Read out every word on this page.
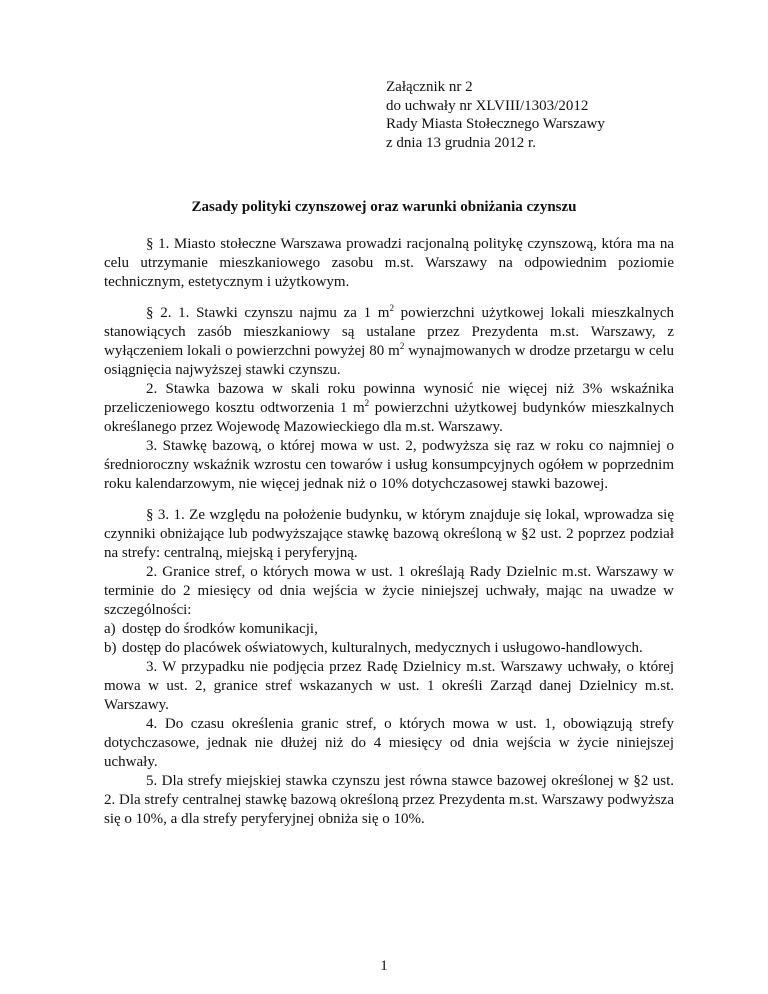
Załącznik nr 2
do uchwały nr XLVIII/1303/2012
Rady Miasta Stołecznego Warszawy
z dnia 13 grudnia 2012 r.
Zasady polityki czynszowej oraz warunki obniżania czynszu

§ 1. Miasto stołeczne Warszawa prowadzi racjonalną politykę czynszową, która ma na celu utrzymanie mieszkaniowego zasobu m.st. Warszawy na odpowiednim poziomie technicznym, estetycznym i użytkowym.

§ 2. 1. Stawki czynszu najmu za 1 $m^2$ powierzchni użytkowej lokali mieszkalnych stanowiących zasób mieszkaniowy są ustalane przez Prezydenta m.st. Warszawy, z wyłączeniem lokali o powierzchni powyżej 80 $m^2$ wynajmowanych w drodze przetargu w celu osiągnięcia najwyższej stawki czynszu.

2. Stawka bazowa w skali roku powinna wynosić nie więcej niż 3% wskaźnika przeliczeniowego kosztu odtworzenia 1 $m^2$ powierzchni użytkowej budynków mieszkalnych określanego przez Wojewodę Mazowieckiego dla m.st. Warszawy.

3. Stawkę bazową, o której mowa w ust. 2, podwyższa się raz w roku co najmniej o średnioroczny wskaźnik wzrostu cen towarów i usług konsumpcyjnych ogółem w poprzednim roku kalendarzowym, nie więcej jednak niż o 10% dotychczasowej stawki bazowej.

§ 3. 1. Ze względu na położenie budynku, w którym znajduje się lokal, wprowadza się czynniki obniżające lub podwyższające stawkę bazową określoną w §2 ust. 2 poprzez podział na strefy: centralną, miejską i peryferyjną.

2. Granice stref, o których mowa w ust. 1 określają Rady Dzielnic m.st. Warszawy w terminie do 2 miesięcy od dnia wejścia w życie niniejszej uchwały, mając na uwadze w szczególności:

a) dostęp do środków komunikacji,

b) dostęp do placówek oświatowych, kulturalnych, medycznych i usługowo-handlowych.

3. W przypadku nie podjęcia przez Radę Dzielnicy m.st. Warszawy uchwały, o której mowa w ust. 2, granice stref wskazanych w ust. 1 określi Zarząd danej Dzielnicy m.st. Warszawy.

4. Do czasu określenia granic stref, o których mowa w ust. 1, obowiązują strefy dotychczasowe, jednak nie dłużej niż do 4 miesięcy od dnia wejścia w życie niniejszej uchwały.

5. Dla strefy miejskiej stawka czynszu jest równa stawce bazowej określonej w §2 ust. 2. Dla strefy centralnej stawkę bazową określoną przez Prezydenta m.st. Warszawy podwyższa się o 10%, a dla strefy peryferyjnej obniża się o 10%.

1
